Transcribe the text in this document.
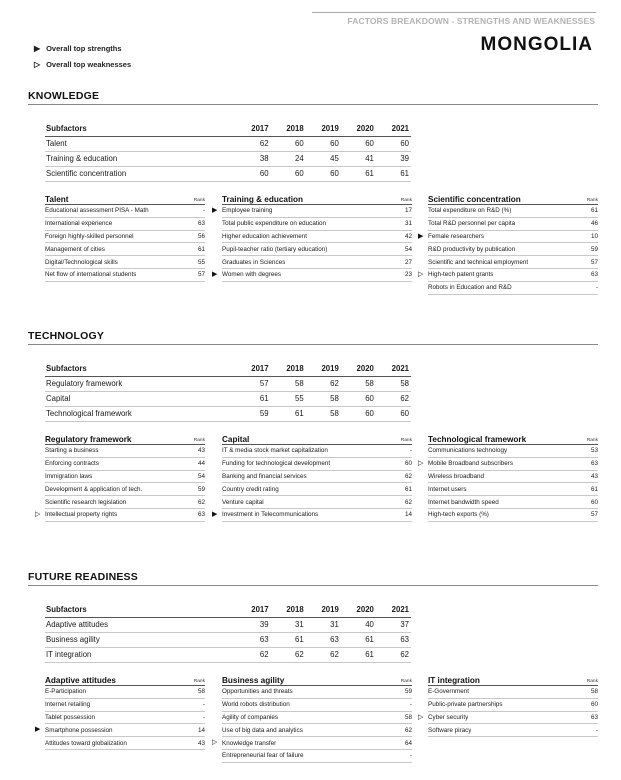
FACTORS BREAKDOWN - STRENGTHS AND WEAKNESSES
MONGOLIA
▶ Overall top strengths
▷ Overall top weaknesses
KNOWLEDGE
Subfactors	2017	2018	2019	2020	2021
Talent	62	60	60	60	60
Training & education	38	24	45	41	39
Scientific concentration	60	60	60	61	61
Talent	Rank
Educational assessment PISA - Math	-
International experience	63
Foreign highly-skilled personnel	56
Management of cities	61
Digital/Technological skills	55
Net flow of international students	57
Training & education	Rank
▶ Employee training	17
Total public expenditure on education	31
Higher education achievement	42
Pupil-teacher ratio (tertiary education)	54
Graduates in Sciences	27
▶ Women with degrees	23
Scientific concentration	Rank
Total expenditure on R&D (%)	61
Total R&D personnel per capita	46
▶ Female researchers	10
R&D productivity by publication	59
Scientific and technical employment	57
▷ High-tech patent grants	63
Robots in Education and R&D	-
TECHNOLOGY
Subfactors	2017	2018	2019	2020	2021
Regulatory framework	57	58	62	58	58
Capital	61	55	58	60	62
Technological framework	59	61	58	60	60
Regulatory framework	Rank
Starting a business	43
Enforcing contracts	44
Immigration laws	54
Development & application of tech.	59
Scientific research legislation	62
▷ Intellectual property rights	63
Capital	Rank
IT & media stock market capitalization	-
Funding for technological development	60
Banking and financial services	62
Country credit rating	61
Venture capital	62
▶ Investment in Telecommunications	14
Technological framework	Rank
Communications technology	53
▷ Mobile Broadband subscribers	63
Wireless broadband	43
Internet users	61
Internet bandwidth speed	60
High-tech exports (%)	57
FUTURE READINESS
Subfactors	2017	2018	2019	2020	2021
Adaptive attitudes	39	31	31	40	37
Business agility	63	61	63	61	63
IT integration	62	62	62	61	62
Adaptive attitudes	Rank
E-Participation	58
Internet retailing	-
Tablet possession	-
▶ Smartphone possession	14
Attitudes toward globalization	43
Business agility	Rank
Opportunities and threats	59
World robots distribution	-
Agility of companies	58
Use of big data and analytics	62
▷ Knowledge transfer	64
Entrepreneurial fear of failure	-
IT integration	Rank
E-Government	58
Public-private partnerships	60
▷ Cyber security	63
Software piracy	-
